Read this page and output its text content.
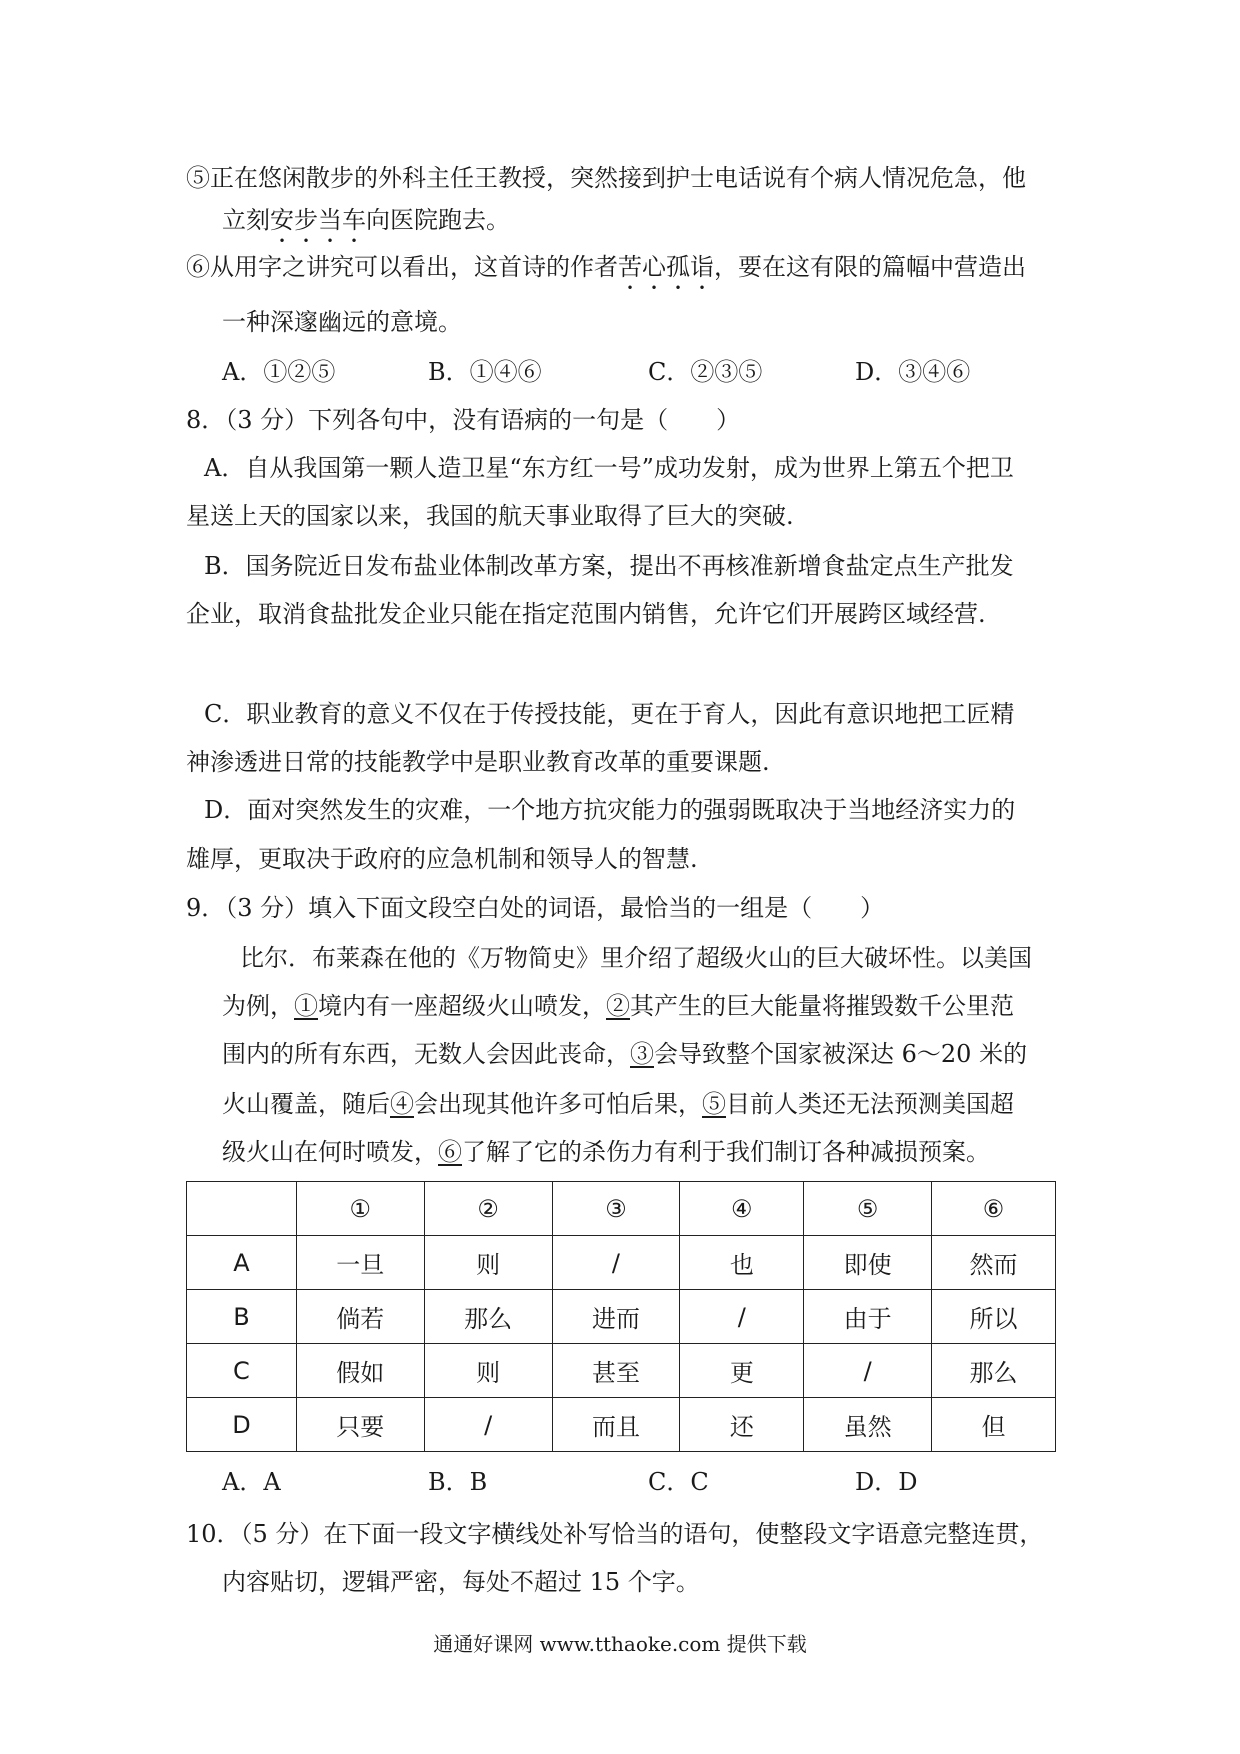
⑤正在悠闲散步的外科主任王教授，突然接到护士电话说有个病人情况危急，他
立刻安步当车向医院跑去。
⑥从用字之讲究可以看出，这首诗的作者苦心孤诣，要在这有限的篇幅中营造出
一种深邃幽远的意境。
A．①②⑤	B．①④⑥	C．②③⑤	D．③④⑥
8．（3 分）下列各句中，没有语病的一句是（　　）
A．自从我国第一颗人造卫星“东方红一号”成功发射，成为世界上第五个把卫
星送上天的国家以来，我国的航天事业取得了巨大的突破.
B．国务院近日发布盐业体制改革方案，提出不再核准新增食盐定点生产批发
企业，取消食盐批发企业只能在指定范围内销售，允许它们开展跨区域经营.
C．职业教育的意义不仅在于传授技能，更在于育人，因此有意识地把工匠精
神渗透进日常的技能教学中是职业教育改革的重要课题.
D．面对突然发生的灾难，一个地方抗灾能力的强弱既取决于当地经济实力的
雄厚，更取决于政府的应急机制和领导人的智慧.
9．（3 分）填入下面文段空白处的词语，最恰当的一组是（　　）
比尔．布莱森在他的《万物简史》里介绍了超级火山的巨大破坏性。以美国
为例，①境内有一座超级火山喷发，②其产生的巨大能量将摧毁数千公里范
围内的所有东西，无数人会因此丧命，③会导致整个国家被深达 6～20 米的
火山覆盖，随后④会出现其他许多可怕后果，⑤目前人类还无法预测美国超
级火山在何时喷发，⑥了解了它的杀伤力有利于我们制订各种减损预案。
	①	②	③	④	⑤	⑥
A	一旦	则	/	也	即使	然而
B	倘若	那么	进而	/	由于	所以
C	假如	则	甚至	更	/	那么
D	只要	/	而且	还	虽然	但
A．A	B．B	C．C	D．D
10．（5 分）在下面一段文字横线处补写恰当的语句，使整段文字语意完整连贯，
内容贴切，逻辑严密，每处不超过 15 个字。
通通好课网 www.tthaoke.com 提供下载
